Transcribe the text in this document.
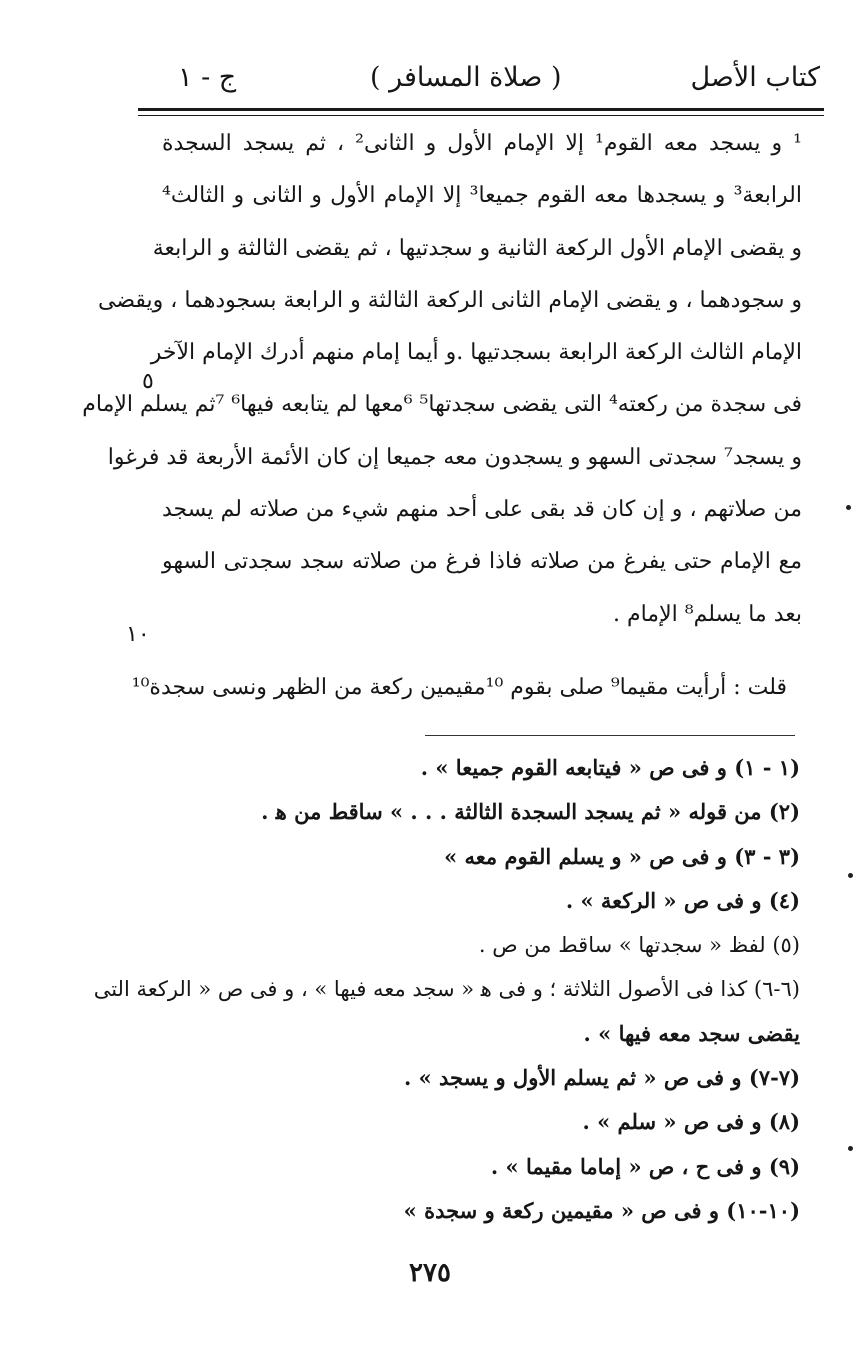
كتاب الأصل
( صلاة المسافر )
ج - ١
¹ و يسجد معه القوم¹ إلا الإمام الأول و الثانى² ، ثم يسجد السجدة
الرابعة³ و يسجدها معه القوم جميعا³ إلا الإمام الأول و الثانى و الثالث⁴
و يقضى الإمام الأول الركعة الثانية و سجدتيها ، ثم يقضى الثالثة و الرابعة
و سجودهما ، و يقضى الإمام الثانى الركعة الثالثة و الرابعة بسجودهما ، ويقضى
الإمام الثالث الركعة الرابعة بسجدتيها .و أيما إمام منهم أدرك الإمام الآخر
فى سجدة من ركعته⁴ التى يقضى سجدتها⁵ ⁶معها لم يتابعه فيها⁶ ⁷ثم يسلم الإمام
و يسجد⁷ سجدتى السهو و يسجدون معه جميعا إن كان الأئمة الأربعة قد فرغوا
من صلاتهم ، و إن كان قد بقى على أحد منهم شيء من صلاته لم يسجد
مع الإمام حتى يفرغ من صلاته فاذا فرغ من صلاته سجد سجدتى السهو
بعد ما يسلم⁸ الإمام .
قلت : أرأيت مقيما⁹ صلى بقوم ¹⁰مقيمين ركعة من الظهر ونسى سجدة¹⁰
٥
١٠
(١ - ١) و فى ص « فيتابعه القوم جميعا » .
(٢) من قوله « ثم يسجد السجدة الثالثة . . . » ساقط من ﻫ .
(٣ - ٣) و فى ص « و يسلم القوم معه »
(٤) و فى ص « الركعة » .
(٥) لفظ « سجدتها » ساقط من ص .
(٦-٦) كذا فى الأصول الثلاثة ؛ و فى ﻫ « سجد معه فيها » ، و فى ص « الركعة التى
يقضى سجد معه فيها » .
(٧-٧) و فى ص « ثم يسلم الأول و يسجد » .
(٨) و فى ص « سلم » .
(٩) و فى ح ، ص « إماما مقيما » .
(١٠-١٠) و فى ص « مقيمين ركعة و سجدة »
٢٧٥
